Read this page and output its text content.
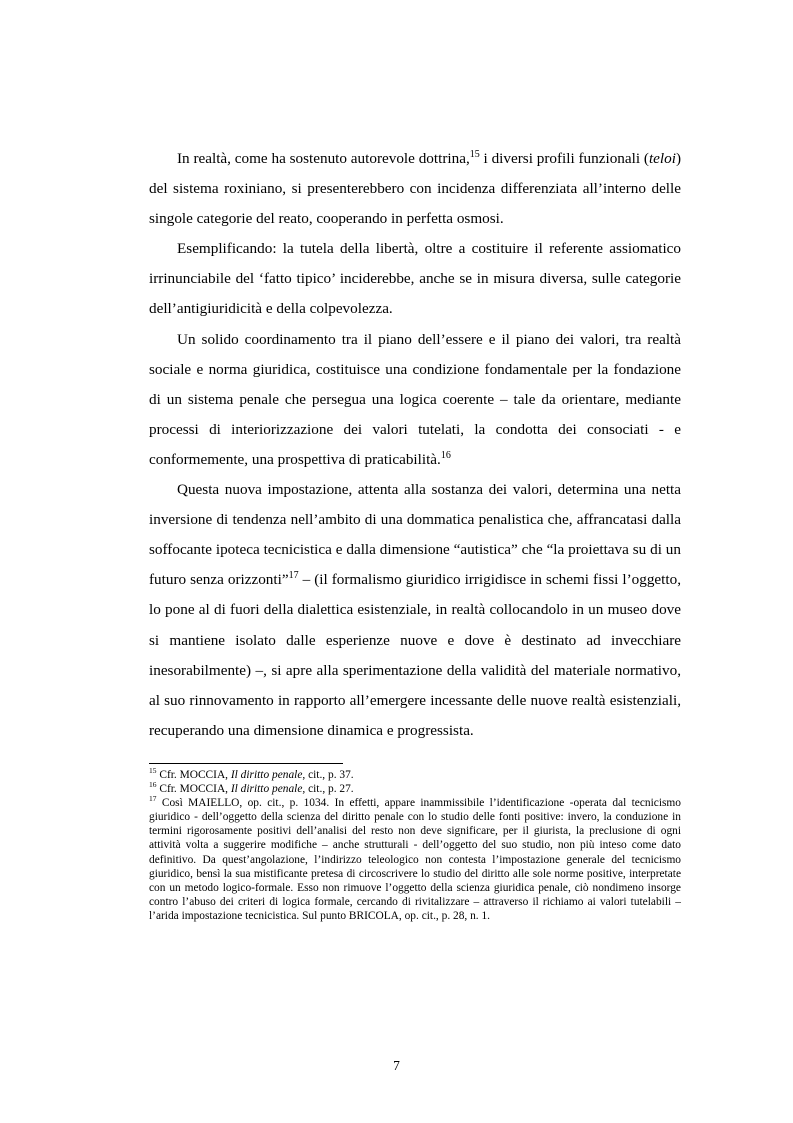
In realtà, come ha sostenuto autorevole dottrina,$^{15}$ i diversi profili funzionali (teloi) del sistema roxiniano, si presenterebbero con incidenza differenziata all’interno delle singole categorie del reato, cooperando in perfetta osmosi.

Esemplificando: la tutela della libertà, oltre a costituire il referente assiomatico irrinunciabile del ‘fatto tipico’ inciderebbe, anche se in misura diversa, sulle categorie dell’antigiuridicità e della colpevolezza.

Un solido coordinamento tra il piano dell’essere e il piano dei valori, tra realtà sociale e norma giuridica, costituisce una condizione fondamentale per la fondazione di un sistema penale che persegua una logica coerente – tale da orientare, mediante processi di interiorizzazione dei valori tutelati, la condotta dei consociati - e conformemente, una prospettiva di praticabilità.$^{16}$

Questa nuova impostazione, attenta alla sostanza dei valori, determina una netta inversione di tendenza nell’ambito di una dommatica penalistica che, affrancatasi dalla soffocante ipoteca tecnicistica e dalla dimensione “autistica” che “la proiettava su di un futuro senza orizzonti”$^{17}$ – (il formalismo giuridico irrigidisce in schemi fissi l’oggetto, lo pone al di fuori della dialettica esistenziale, in realtà collocandolo in un museo dove si mantiene isolato dalle esperienze nuove e dove è destinato ad invecchiare inesorabilmente) –, si apre alla sperimentazione della validità del materiale normativo, al suo rinnovamento in rapporto all’emergere incessante delle nuove realtà esistenziali, recuperando una dimensione dinamica e progressista.

$^{15}$ Cfr. MOCCIA, Il diritto penale, cit., p. 37.

$^{16}$ Cfr. MOCCIA, Il diritto penale, cit., p. 27.

$^{17}$ Così MAIELLO, op. cit., p. 1034. In effetti, appare inammissibile l’identificazione -operata dal tecnicismo giuridico - dell’oggetto della scienza del diritto penale con lo studio delle fonti positive: invero, la conduzione in termini rigorosamente positivi dell’analisi del resto non deve significare, per il giurista, la preclusione di ogni attività volta a suggerire modifiche – anche strutturali - dell’oggetto del suo studio, non più inteso come dato definitivo. Da quest’angolazione, l’indirizzo teleologico non contesta l’impostazione generale del tecnicismo giuridico, bensì la sua mistificante pretesa di circoscrivere lo studio del diritto alle sole norme positive, interpretate con un metodo logico-formale. Esso non rimuove l’oggetto della scienza giuridica penale, ciò nondimeno insorge contro l’abuso dei criteri di logica formale, cercando di rivitalizzare – attraverso il richiamo ai valori tutelabili – l’arida impostazione tecnicistica. Sul punto BRICOLA, op. cit., p. 28, n. 1.

7
